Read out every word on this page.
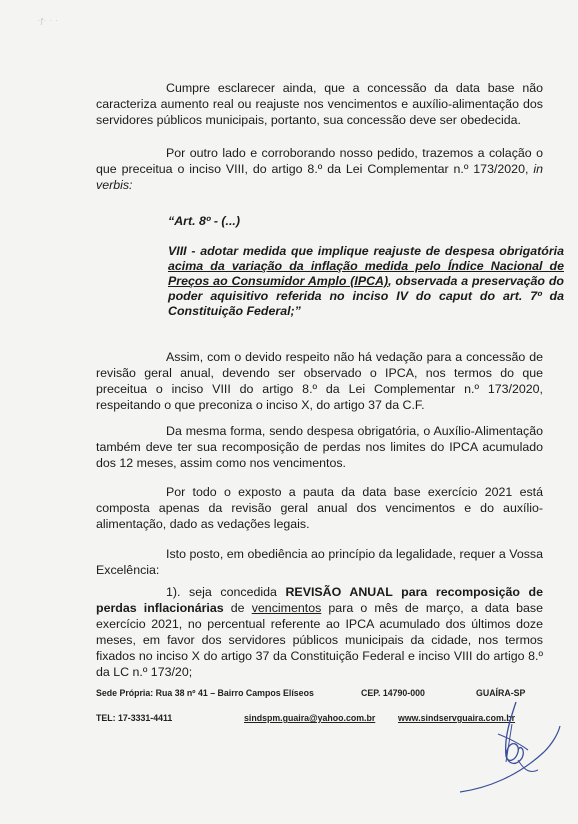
·ƒ· · ·
Cumpre esclarecer ainda, que a concessão da data base não caracteriza aumento real ou reajuste nos vencimentos e auxílio-alimentação dos servidores públicos municipais, portanto, sua concessão deve ser obedecida.
Por outro lado e corroborando nosso pedido, trazemos a colação o que preceitua o inciso VIII, do artigo 8.º da Lei Complementar n.º 173/2020, in verbis:
“Art. 8º - (...)
VIII - adotar medida que implique reajuste de despesa obrigatória acima da variação da inflação medida pelo Índice Nacional de Preços ao Consumidor Amplo (IPCA), observada a preservação do poder aquisitivo referida no inciso IV do caput do art. 7º da Constituição Federal;”
Assim, com o devido respeito não há vedação para a concessão de revisão geral anual, devendo ser observado o IPCA, nos termos do que preceitua o inciso VIII do artigo 8.º da Lei Complementar n.º 173/2020, respeitando o que preconiza o inciso X, do artigo 37 da C.F.
Da mesma forma, sendo despesa obrigatória, o Auxílio-Alimentação também deve ter sua recomposição de perdas nos limites do IPCA acumulado dos 12 meses, assim como nos vencimentos.
Por todo o exposto a pauta da data base exercício 2021 está composta apenas da revisão geral anual dos vencimentos e do auxílio-alimentação, dado as vedações legais.
Isto posto, em obediência ao princípio da legalidade, requer a Vossa Excelência:
1). seja concedida REVISÃO ANUAL para recomposição de perdas inflacionárias de vencimentos para o mês de março, a data base exercício 2021, no percentual referente ao IPCA acumulado dos últimos doze meses, em favor dos servidores públicos municipais da cidade, nos termos fixados no inciso X do artigo 37 da Constituição Federal e inciso VIII do artigo 8.º da LC n.º 173/20;
Sede Própria: Rua 38 nº 41 – Bairro Campos Elíseos	CEP. 14790-000	GUAÍRA-SP
TEL: 17-3331-4411	sindspm.guaira@yahoo.com.br	www.sindservguaira.com.br
